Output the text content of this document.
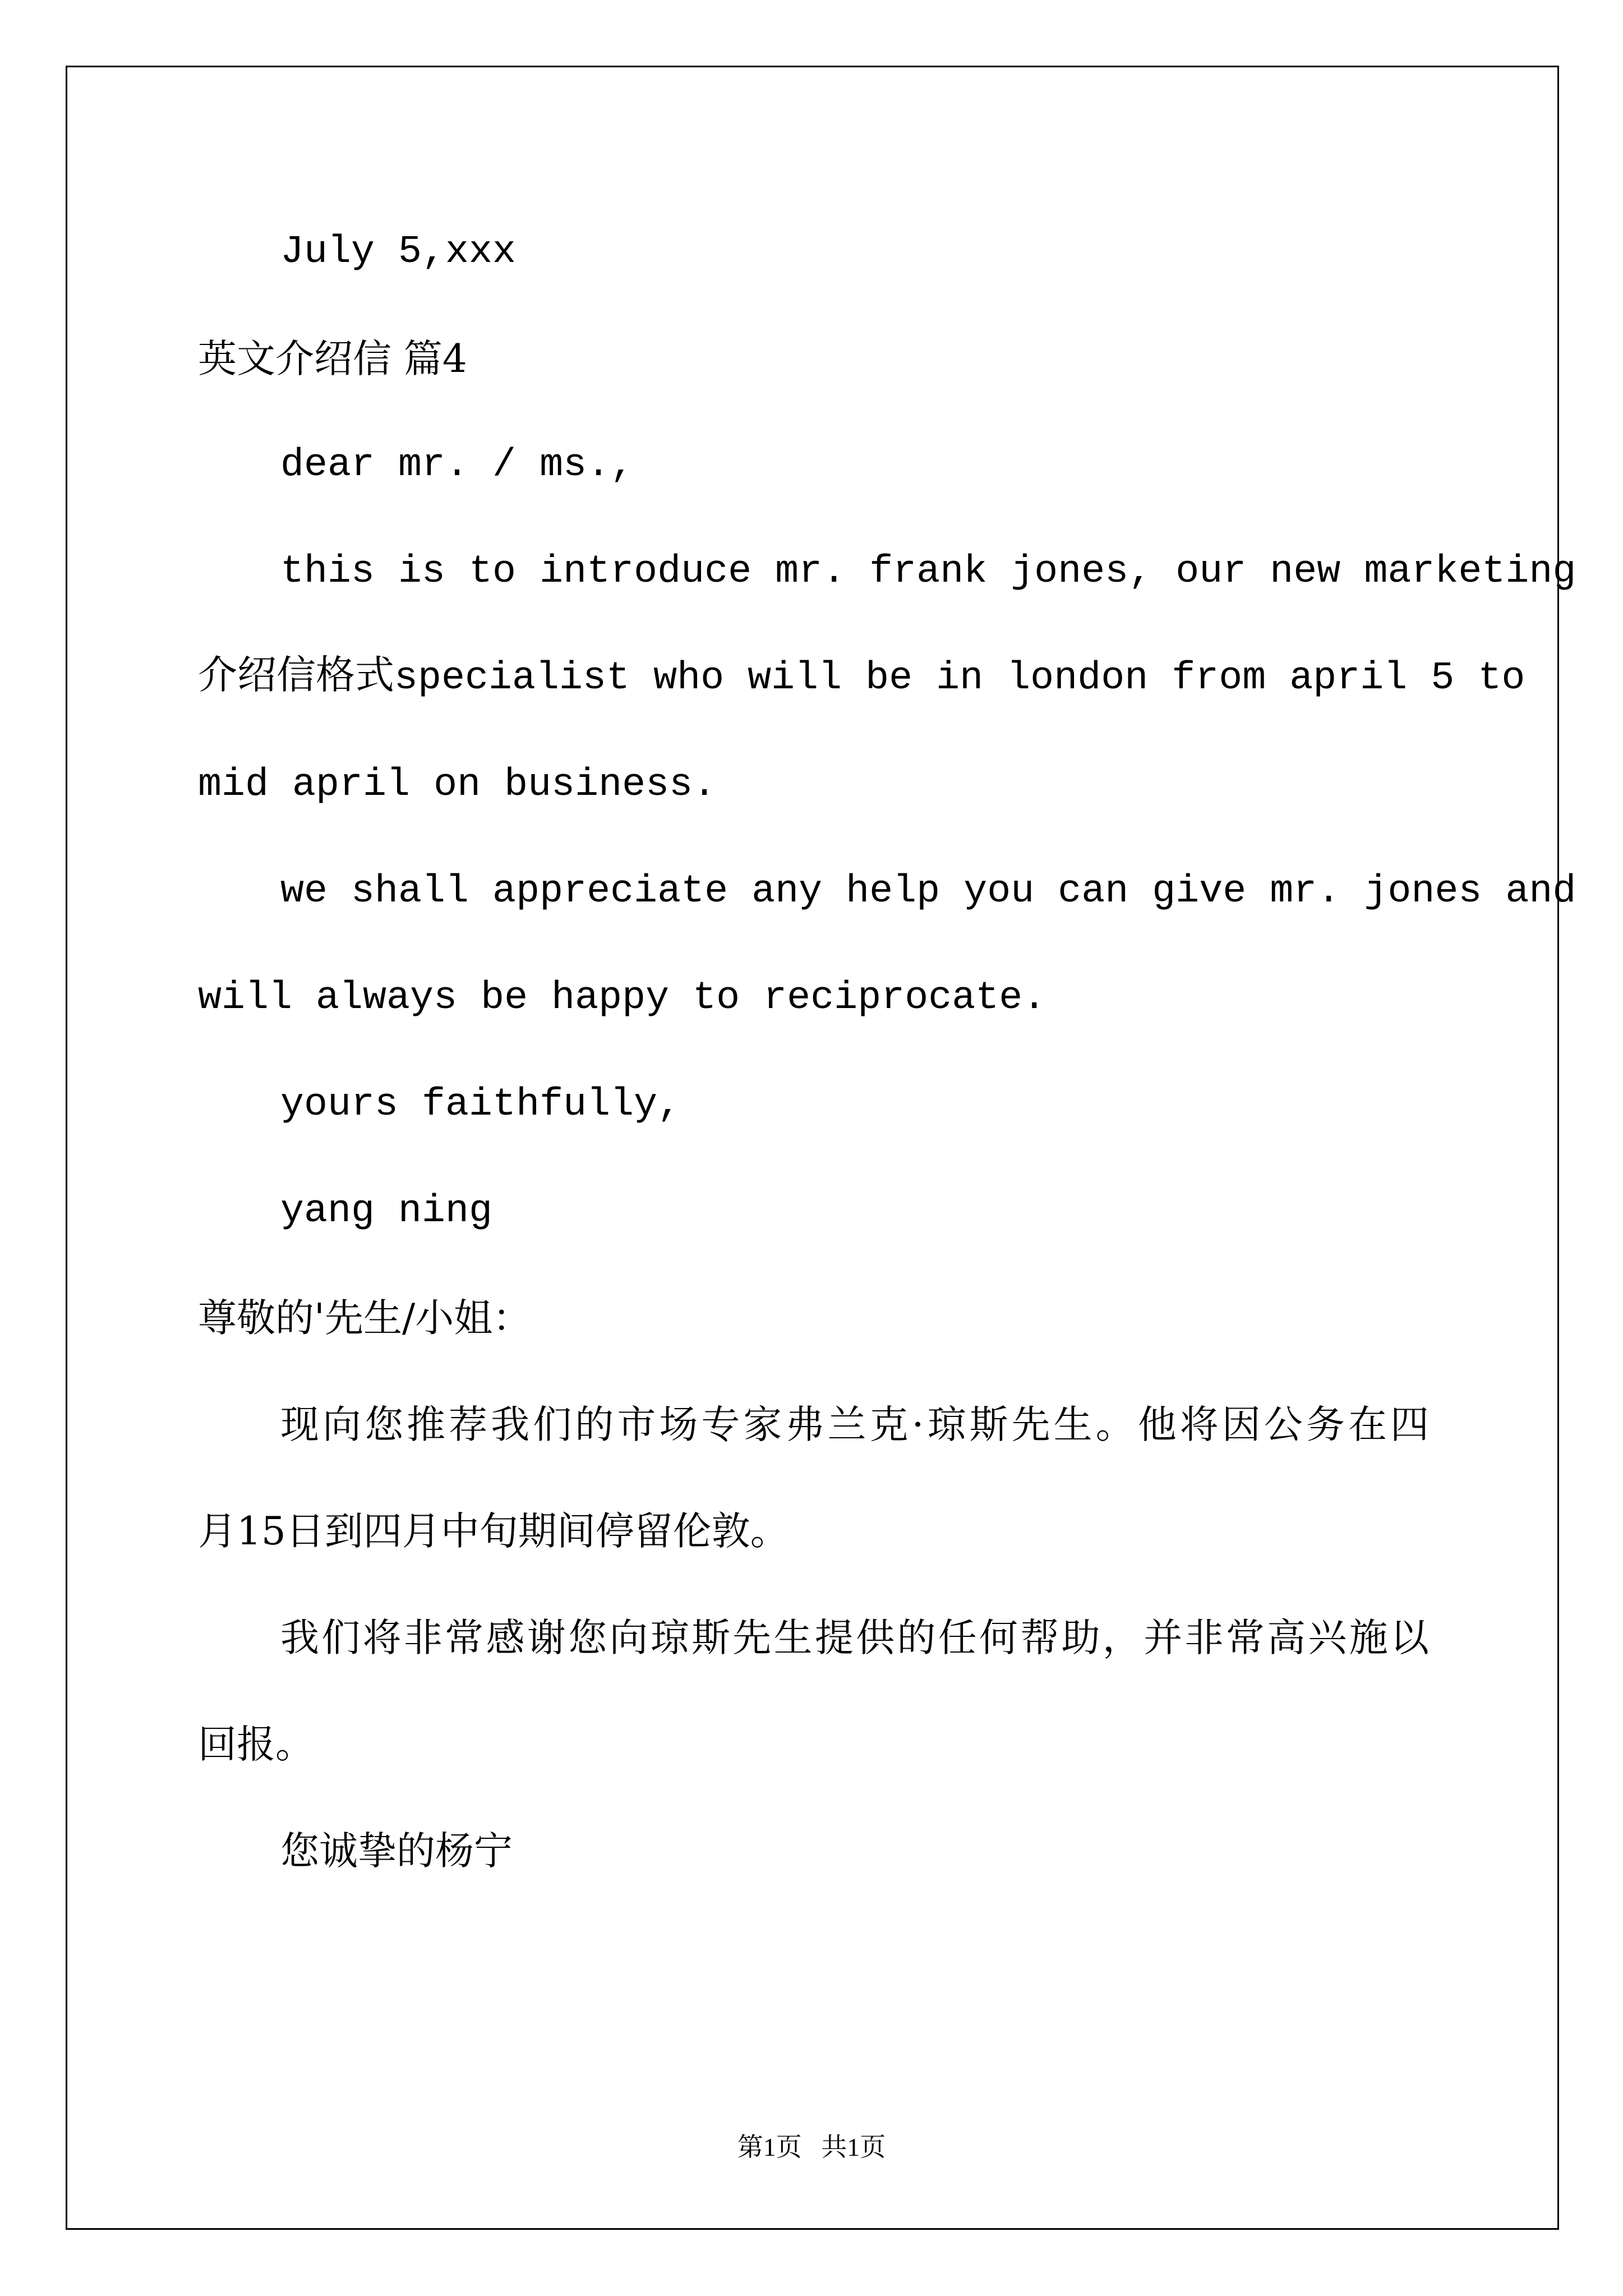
July 5,xxx
英文介绍信 篇4
dear mr. / ms.,
this is to introduce mr. frank jones, our new marketing
介绍信格式specialist who will be in london from april 5 to
mid april on business.
we shall appreciate any help you can give mr. jones and
will always be happy to reciprocate.
yours faithfully,
yang ning
尊敬的'先生/小姐：
现向您推荐我们的市场专家弗兰克·琼斯先生。他将因公务在四
月15日到四月中旬期间停留伦敦。
我们将非常感谢您向琼斯先生提供的任何帮助，并非常高兴施以
回报。
您诚挚的杨宁
第1页   共1页
